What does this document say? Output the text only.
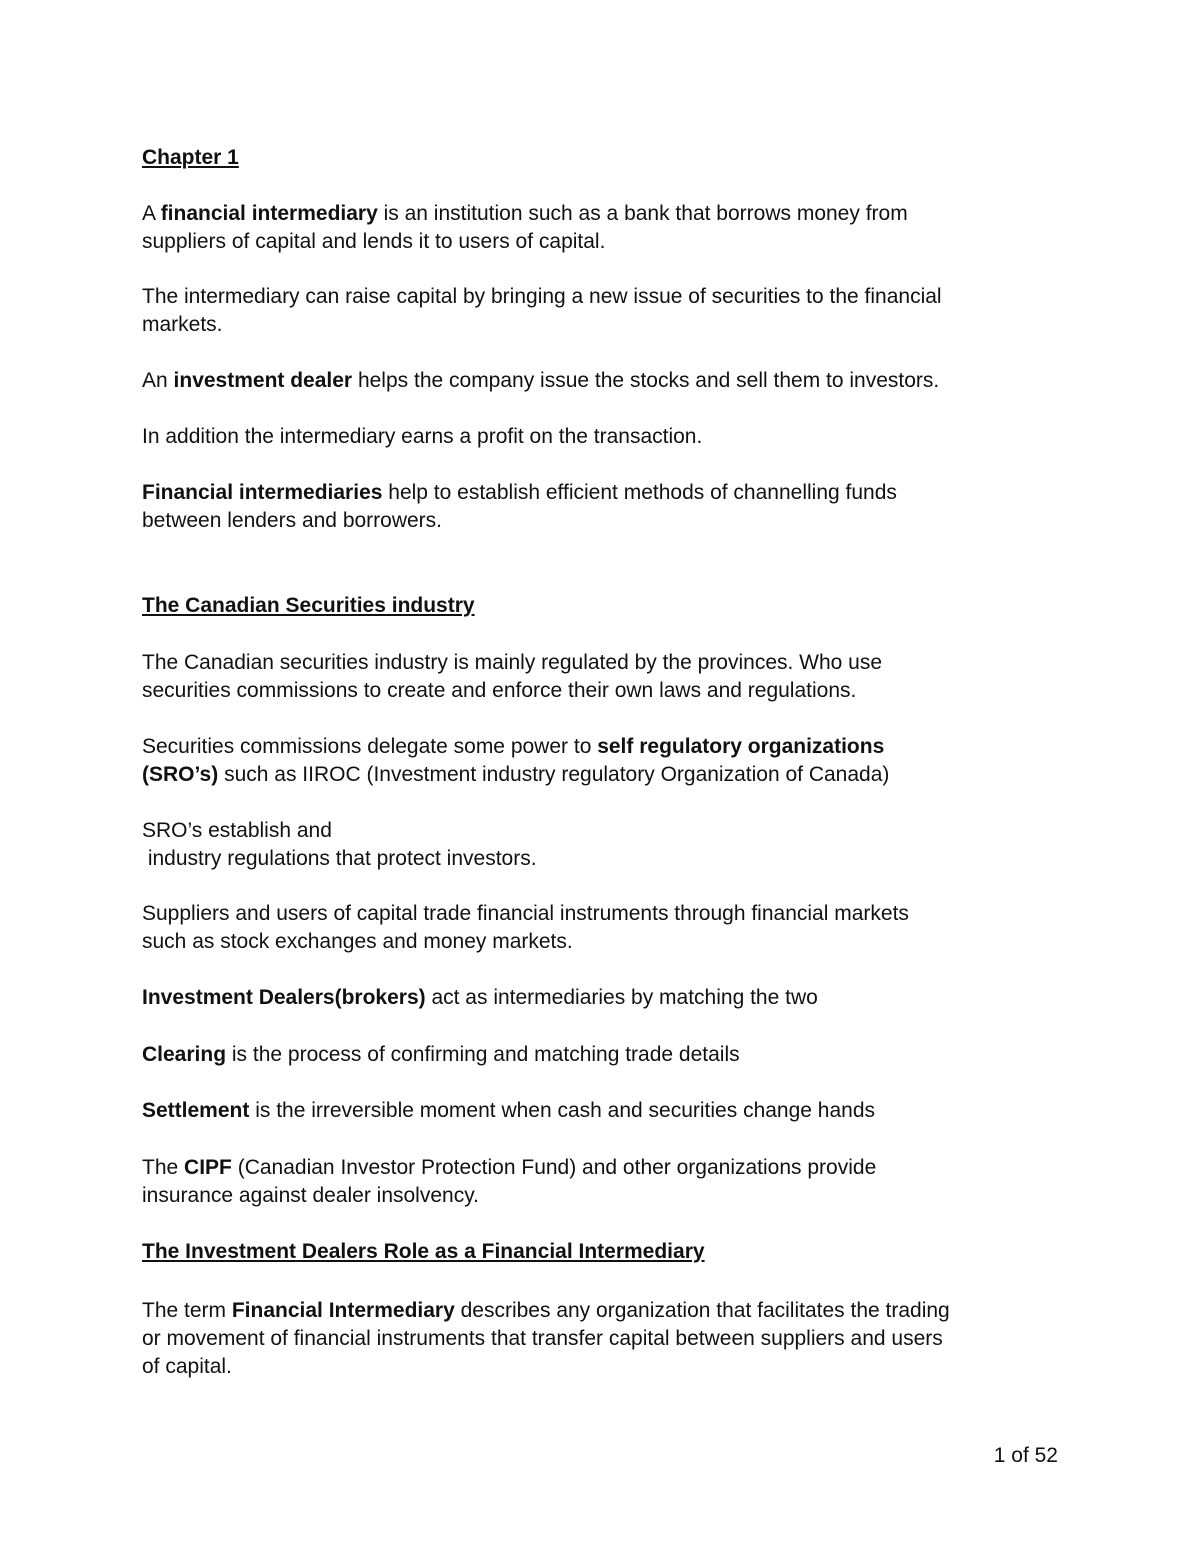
Chapter 1
A financial intermediary is an institution such as a bank that borrows money from
suppliers of capital and lends it to users of capital.
The intermediary can raise capital by bringing a new issue of securities to the financial
markets.
An investment dealer helps the company issue the stocks and sell them to investors.
In addition the intermediary earns a profit on the transaction.
Financial intermediaries help to establish efficient methods of channelling funds
between lenders and borrowers.
The Canadian Securities industry
The Canadian securities industry is mainly regulated by the provinces. Who use
securities commissions to create and enforce their own laws and regulations.
Securities commissions delegate some power to self regulatory organizations
(SRO’s) such as IIROC (Investment industry regulatory Organization of Canada)
SRO’s establish and
industry regulations that protect investors.
Suppliers and users of capital trade financial instruments through financial markets
such as stock exchanges and money markets.
Investment Dealers(brokers) act as intermediaries by matching the two
Clearing is the process of confirming and matching trade details
Settlement is the irreversible moment when cash and securities change hands
The CIPF (Canadian Investor Protection Fund) and other organizations provide
insurance against dealer insolvency.
The Investment Dealers Role as a Financial Intermediary
The term Financial Intermediary describes any organization that facilitates the trading
or movement of financial instruments that transfer capital between suppliers and users
of capital.
1 of 52
